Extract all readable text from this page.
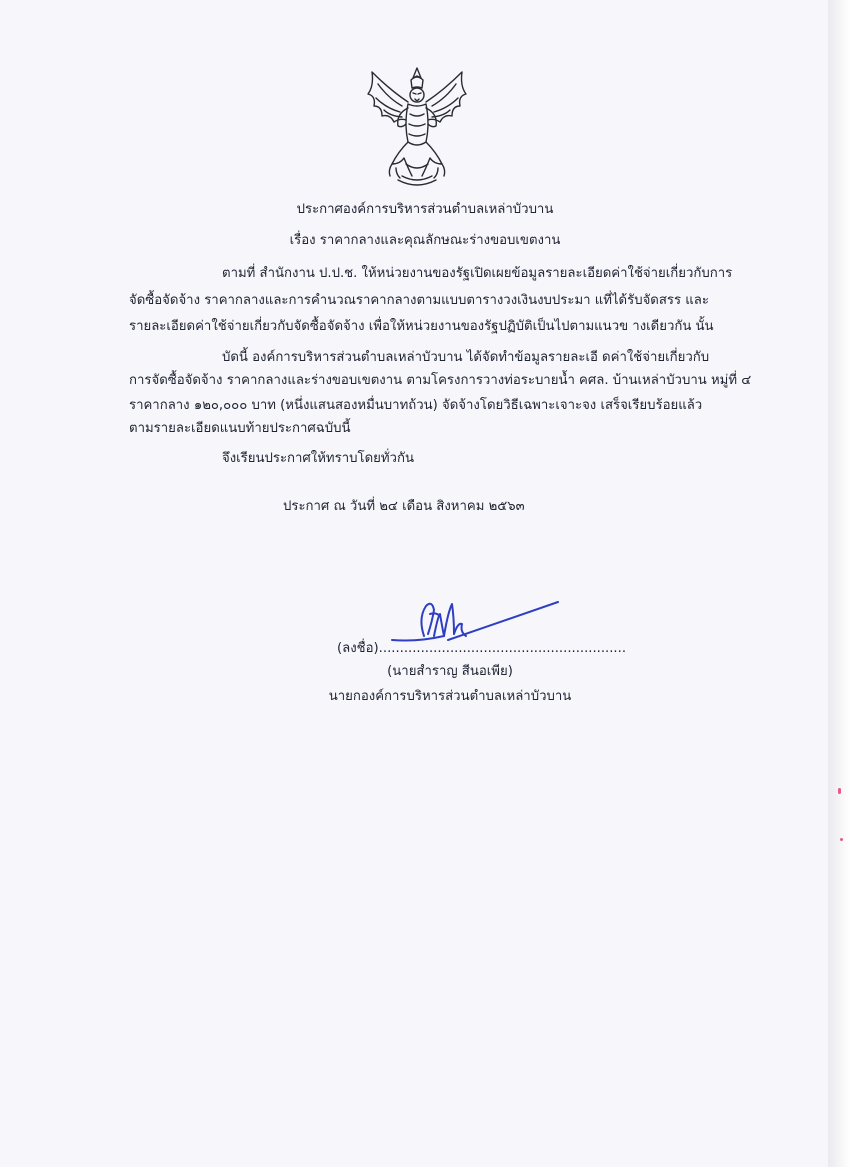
ประกาศองค์การบริหารส่วนตำบลเหล่าบัวบาน
เรื่อง ราคากลางและคุณลักษณะร่างขอบเขตงาน
ตามที่ สำนักงาน ป.ป.ช. ให้หน่วยงานของรัฐเปิดเผยข้อมูลรายละเอียดค่าใช้จ่ายเกี่ยวกับการ
จัดซื้อจัดจ้าง ราคากลางและการคำนวณราคากลางตามแบบตารางวงเงินงบประมา แที่ได้รับจัดสรร และ
รายละเอียดค่าใช้จ่ายเกี่ยวกับจัดซื้อจัดจ้าง เพื่อให้หน่วยงานของรัฐปฏิบัติเป็นไปตามแนวข างเดียวกัน นั้น
บัดนี้ องค์การบริหารส่วนตำบลเหล่าบัวบาน ได้จัดทำข้อมูลรายละเอี ดค่าใช้จ่ายเกี่ยวกับ
การจัดซื้อจัดจ้าง ราคากลางและร่างขอบเขตงาน ตามโครงการวางท่อระบายน้ำ คศล. บ้านเหล่าบัวบาน หมู่ที่ ๔
ราคากลาง ๑๒๐,๐๐๐ บาท (หนึ่งแสนสองหมื่นบาทถ้วน) จัดจ้างโดยวิธีเฉพาะเจาะจง เสร็จเรียบร้อยแล้ว
ตามรายละเอียดแนบท้ายประกาศฉบับนี้
จึงเรียนประกาศให้ทราบโดยทั่วกัน
ประกาศ ณ วันที่ ๒๔ เดือน สิงหาคม ๒๕๖๓
(ลงชื่อ)...........................................................
(นายสำราญ สีนอเพีย)
นายกองค์การบริหารส่วนตำบลเหล่าบัวบาน
